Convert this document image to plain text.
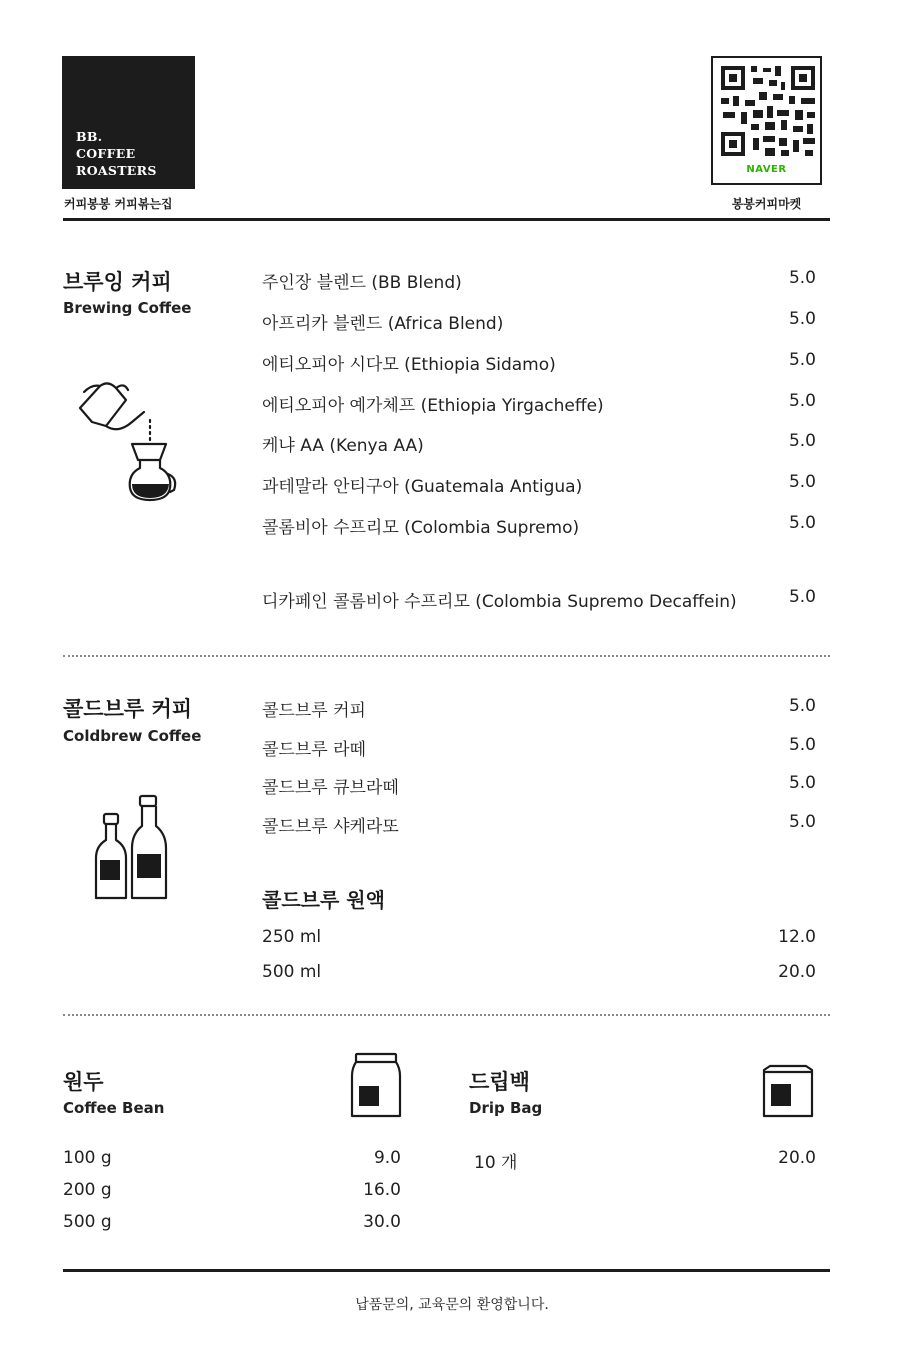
BB.
COFFEE
ROASTERS
커피봉봉 커피볶는집
NAVER
봉봉커피마켓
브루잉 커피
Brewing Coffee
주인장 블렌드 (BB Blend)	5.0
아프리카 블렌드 (Africa Blend)	5.0
에티오피아 시다모 (Ethiopia Sidamo)	5.0
에티오피아 예가체프 (Ethiopia Yirgacheffe)	5.0
케냐 AA (Kenya AA)	5.0
과테말라 안티구아 (Guatemala Antigua)	5.0
콜롬비아 수프리모 (Colombia Supremo)	5.0
디카페인 콜롬비아 수프리모 (Colombia Supremo Decaffein)	5.0
콜드브루 커피
Coldbrew Coffee
콜드브루 커피	5.0
콜드브루 라떼	5.0
콜드브루 큐브라떼	5.0
콜드브루 샤케라또	5.0
콜드브루 원액
250 ml	12.0
500 ml	20.0
원두
Coffee Bean
100 g	9.0
200 g	16.0
500 g	30.0
드립백
Drip Bag
10 개	20.0
납품문의, 교육문의 환영합니다.
